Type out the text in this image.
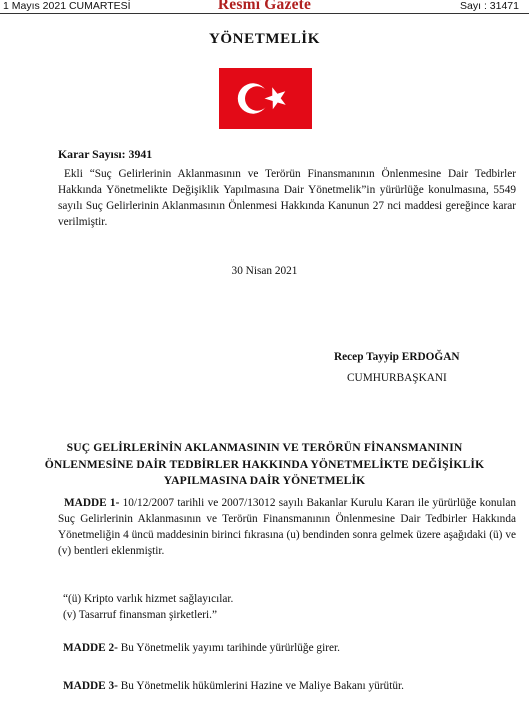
1 Mayıs 2021 CUMARTESİ	Resmî Gazete	Sayı : 31471
YÖNETMELİK
Karar Sayısı: 3941
Ekli “Suç Gelirlerinin Aklanmasının ve Terörün Finansmanının Önlenmesine Dair Tedbirler Hakkında Yönetmelikte Değişiklik Yapılmasına Dair Yönetmelik”in yürürlüğe konulmasına, 5549 sayılı Suç Gelirlerinin Aklanmasının Önlenmesi Hakkında Kanunun 27 nci maddesi gereğince karar verilmiştir.
30 Nisan 2021
Recep Tayyip ERDOĞAN
CUMHURBAŞKANI
SUÇ GELİRLERİNİN AKLANMASININ VE TERÖRÜN FİNANSMANININ
ÖNLENMESİNE DAİR TEDBİRLER HAKKINDA YÖNETMELİKTE DEĞİŞİKLİK
YAPILMASINA DAİR YÖNETMELİK
MADDE 1- 10/12/2007 tarihli ve 2007/13012 sayılı Bakanlar Kurulu Kararı ile yürürlüğe konulan Suç Gelirlerinin Aklanmasının ve Terörün Finansmanının Önlenmesine Dair Tedbirler Hakkında Yönetmeliğin 4 üncü maddesinin birinci fıkrasına (u) bendinden sonra gelmek üzere aşağıdaki (ü) ve (v) bentleri eklenmiştir.
“(ü) Kripto varlık hizmet sağlayıcılar.
(v) Tasarruf finansman şirketleri.”
MADDE 2- Bu Yönetmelik yayımı tarihinde yürürlüğe girer.
MADDE 3- Bu Yönetmelik hükümlerini Hazine ve Maliye Bakanı yürütür.
